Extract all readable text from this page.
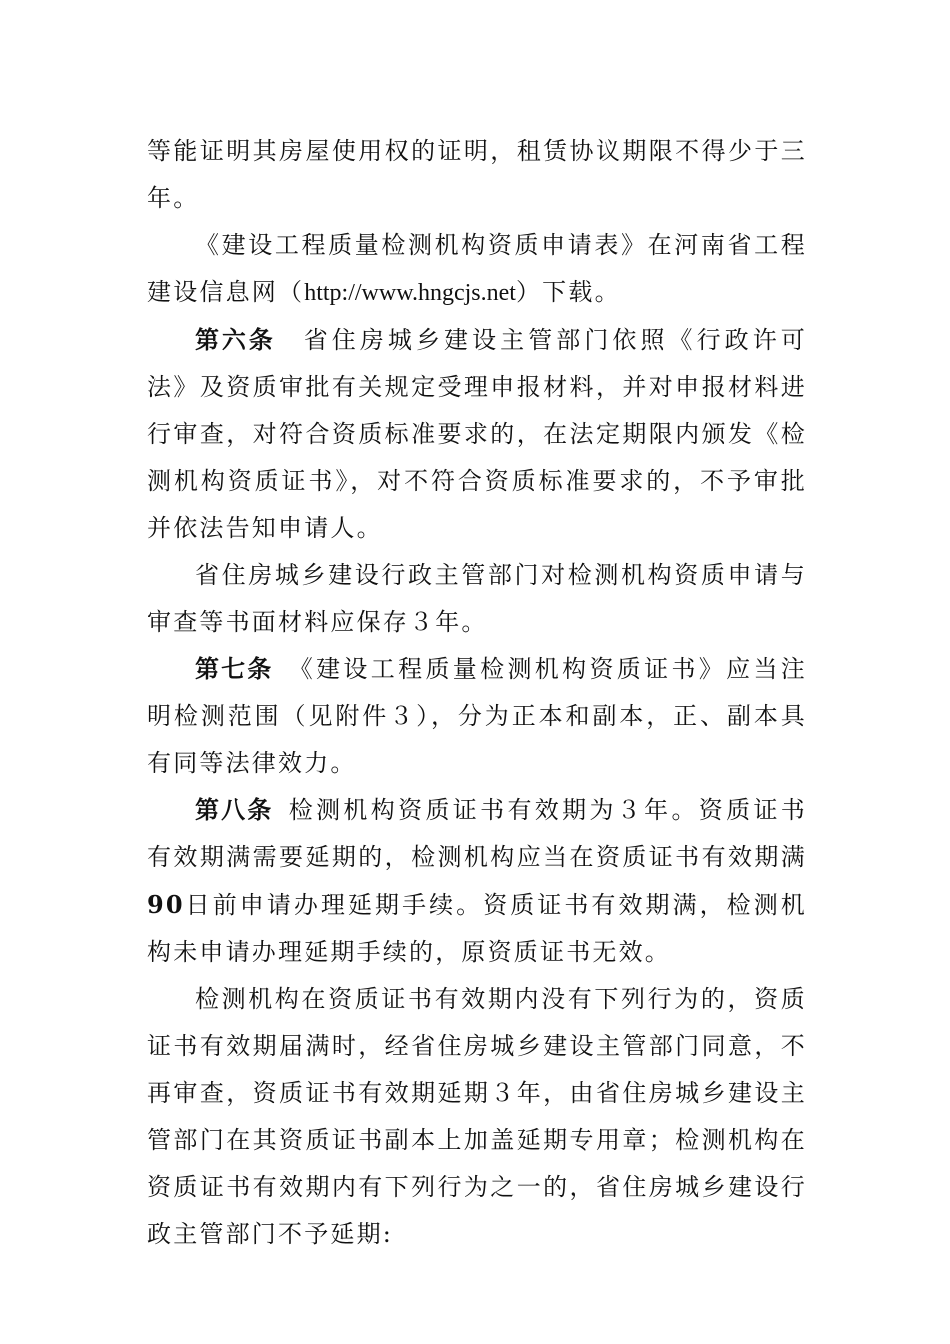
等能证明其房屋使用权的证明，租赁协议期限不得少于三年。

《建设工程质量检测机构资质申请表》在河南省工程建设信息网（http://www.hngcjs.net）下载。

第六条　 省住房城乡建设主管部门依照《行政许可法》及资质审批有关规定受理申报材料，并对申报材料进行审查，对符合资质标准要求的，在法定期限内颁发《检测机构资质证书》，对不符合资质标准要求的，不予审批并依法告知申请人。

省住房城乡建设行政主管部门对检测机构资质申请与审查等书面材料应保存３年。

第七条　 《建设工程质量检测机构资质证书》应当注明检测范围（见附件３），分为正本和副本，正、副本具有同等法律效力。

第八条  检测机构资质证书有效期为３年。资质证书有效期满需要延期的，检测机构应当在资质证书有效期满90日前申请办理延期手续。资质证书有效期满，检测机构未申请办理延期手续的，原资质证书无效。

检测机构在资质证书有效期内没有下列行为的，资质证书有效期届满时，经省住房城乡建设主管部门同意，不再审查，资质证书有效期延期３年，由省住房城乡建设主管部门在其资质证书副本上加盖延期专用章；检测机构在资质证书有效期内有下列行为之一的，省住房城乡建设行政主管部门不予延期:
